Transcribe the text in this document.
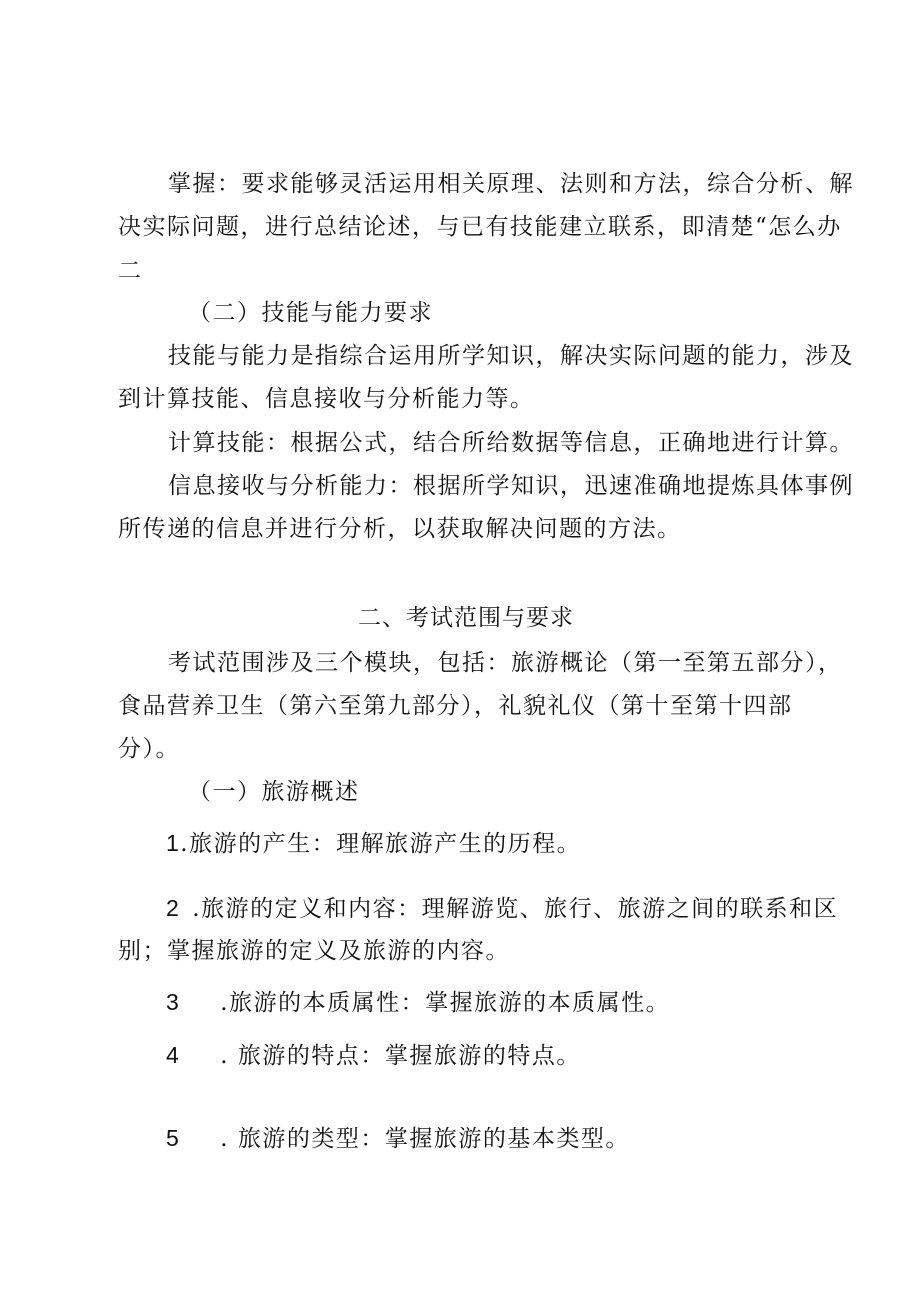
掌握：要求能够灵活运用相关原理、法则和方法，综合分析、解
决实际问题，进行总结论述，与已有技能建立联系，即清楚“怎么办
二
（二）技能与能力要求
技能与能力是指综合运用所学知识，解决实际问题的能力，涉及
到计算技能、信息接收与分析能力等。
计算技能：根据公式，结合所给数据等信息，正确地进行计算。
信息接收与分析能力：根据所学知识，迅速准确地提炼具体事例
所传递的信息并进行分析，以获取解决问题的方法。
二、考试范围与要求
考试范围涉及三个模块，包括：旅游概论（第一至第五部分），
食品营养卫生（第六至第九部分），礼貌礼仪（第十至第十四部
分）。
（一）旅游概述
1.旅游的产生：理解旅游产生的历程。
2 .旅游的定义和内容：理解游览、旅行、旅游之间的联系和区
别；掌握旅游的定义及旅游的内容。
3 .旅游的本质属性：掌握旅游的本质属性。
4 . 旅游的特点：掌握旅游的特点。
5 . 旅游的类型：掌握旅游的基本类型。
